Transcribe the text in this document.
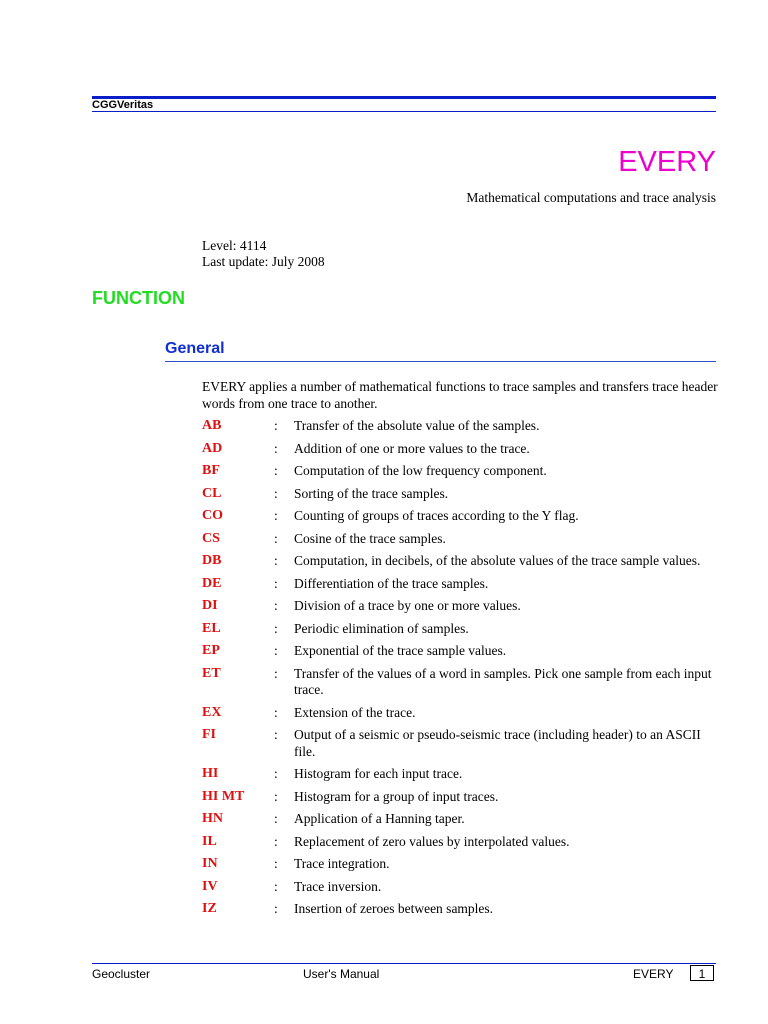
CGGVeritas
EVERY
Mathematical computations and trace analysis
Level: 4114
Last update: July 2008
FUNCTION
General
EVERY applies a number of mathematical functions to trace samples and transfers trace header words from one trace to another.
AB	:	Transfer of the absolute value of the samples.
AD	:	Addition of one or more values to the trace.
BF	:	Computation of the low frequency component.
CL	:	Sorting of the trace samples.
CO	:	Counting of groups of traces according to the Y flag.
CS	:	Cosine of the trace samples.
DB	:	Computation, in decibels, of the absolute values of the trace sample values.
DE	:	Differentiation of the trace samples.
DI	:	Division of a trace by one or more values.
EL	:	Periodic elimination of samples.
EP	:	Exponential of the trace sample values.
ET	:	Transfer of the values of a word in samples. Pick one sample from each input trace.
EX	:	Extension of the trace.
FI	:	Output of a seismic or pseudo-seismic trace (including header) to an ASCII file.
HI	:	Histogram for each input trace.
HI MT	:	Histogram for a group of input traces.
HN	:	Application of a Hanning taper.
IL	:	Replacement of zero values by interpolated values.
IN	:	Trace integration.
IV	:	Trace inversion.
IZ	:	Insertion of zeroes between samples.
Geocluster	User's Manual	EVERY	1
